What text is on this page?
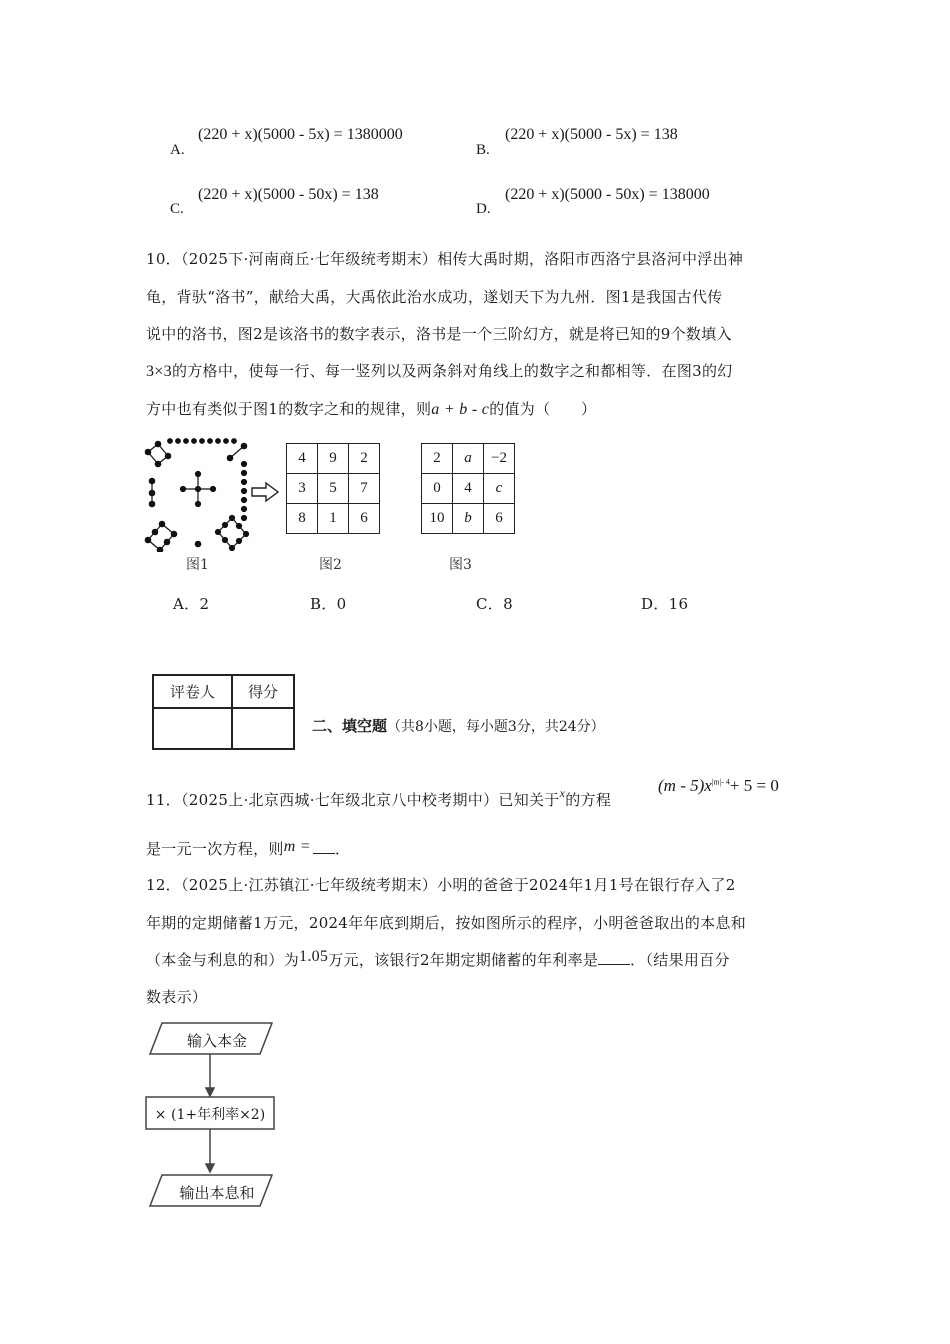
A.
(220 + x)(5000 - 5x) = 1380000
B.
(220 + x)(5000 - 5x) = 138
C.
(220 + x)(5000 - 50x) = 138
D.
(220 + x)(5000 - 50x) = 138000
10．（2025下·河南商丘·七年级统考期末）相传大禹时期，洛阳市西洛宁县洛河中浮出神
龟，背驮“洛书”，献给大禹，大禹依此治水成功，遂划天下为九州．图1是我国古代传
说中的洛书，图2是该洛书的数字表示，洛书是一个三阶幻方，就是将已知的9个数填入
3×3的方格中，使每一行、每一竖列以及两条斜对角线上的数字之和都相等．在图3的幻
方中也有类似于图1的数字之和的规律，则a + b - c的值为（　　）
图1
4	9	2
3	5	7
8	1	6
图2
2	a	−2
0	4	c
10	b	6
图3
A．2	B．0	C．8	D．16
评卷人	得分

二、填空题（共8小题，每小题3分，共24分）
11．（2025上·北京西城·七年级北京八中校考期中）已知关于$^x$的方程
$(m - 5)x^{|m|- 4}+ 5 = 0$
是一元一次方程，则m = ．
12．（2025上·江苏镇江·七年级统考期末）小明的爸爸于2024年1月1号在银行存入了2
年期的定期储蓄1万元，2024年年底到期后，按如图所示的程序，小明爸爸取出的本息和
（本金与利息的和）为1.05万元，该银行2年期定期储蓄的年利率是 ．（结果用百分
数表示）
输入本金
× (1+年利率×2)
输出本息和
